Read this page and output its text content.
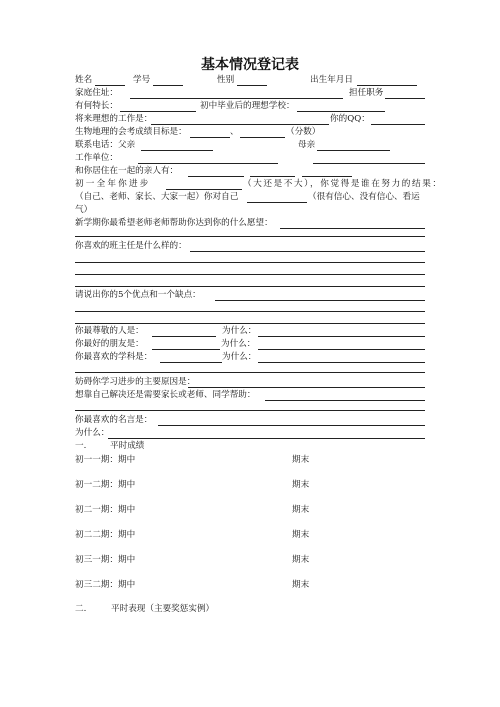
基本情况登记表
姓名	学号	性别	出生年月日
家庭住址：	担任职务
有何特长：	初中毕业后的理想学校：
将来理想的工作是：	你的QQ：
生物地理的会考成绩目标是：	、	（分数）
联系电话：父亲	母亲
工作单位：
和你居住在一起的亲人有：
初一全年你进步	（大还是不大），你觉得是谁在努力的结果：
（自己、老师、家长、大家一起）你对自己	（很有信心、没有信心、看运
气）
新学期你最希望老师老师帮助你达到你的什么愿望：
你喜欢的班主任是什么样的：
请说出你的5个优点和一个缺点：
你最尊敬的人是：	为什么：
你最好的朋友是：	为什么：
你最喜欢的学科是：	为什么：
妨碍你学习进步的主要原因是：
想靠自己解决还是需要家长或老师、同学帮助：
你最喜欢的名言是：
为什么：
一.	平时成绩
初一一期：期中	期末
初一二期：期中	期末
初二一期：期中	期末
初二二期：期中	期末
初三一期：期中	期末
初三二期：期中	期末
二.	平时表现（主要奖惩实例）
